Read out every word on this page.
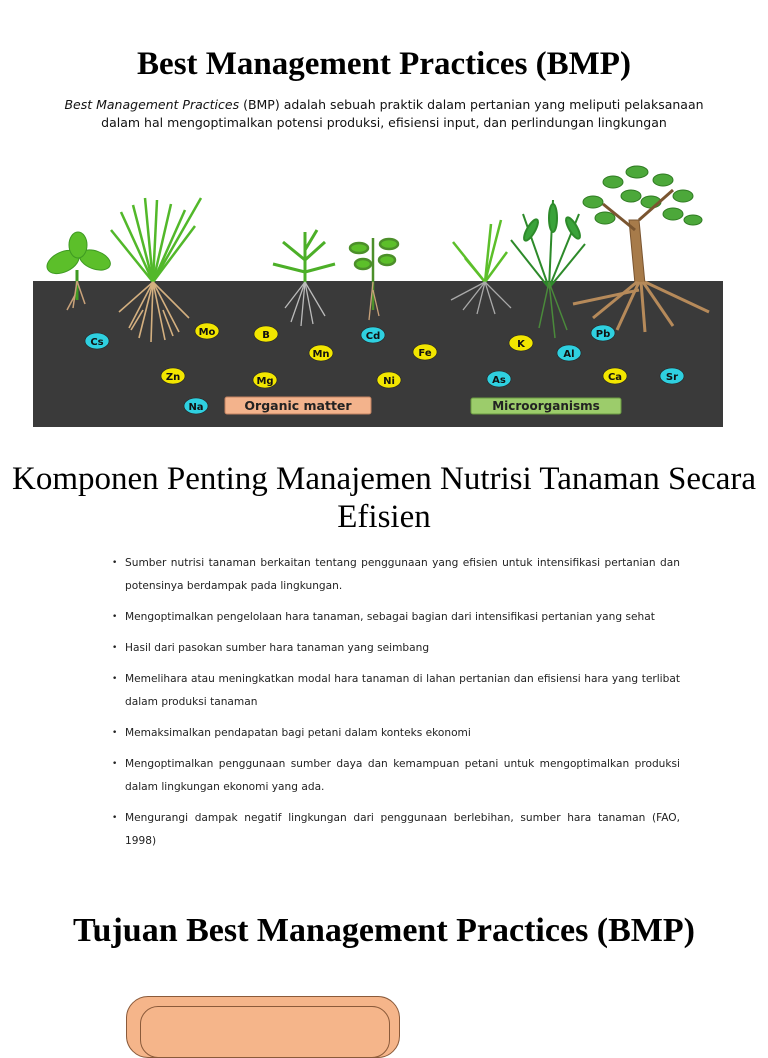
Best Management Practices (BMP)
Best Management Practices (BMP) adalah sebuah praktik dalam pertanian yang meliputi pelaksanaan dalam hal mengoptimalkan potensi produksi, efisiensi input, dan perlindungan lingkungan
Cs
Mo	B	Cd	Pb
Mn	Fe
K
Al
Zn	Mg	Ni	As	Ca	Sr
Na	Organic matter	Microorganisms
Komponen Penting Manajemen Nutrisi Tanaman Secara Efisien
• Sumber nutrisi tanaman berkaitan tentang penggunaan yang efisien untuk intensifikasi pertanian dan potensinya berdampak pada lingkungan.
• Mengoptimalkan pengelolaan hara tanaman, sebagai bagian dari intensifikasi pertanian yang sehat
• Hasil dari pasokan sumber hara tanaman yang seimbang
• Memelihara atau meningkatkan modal hara tanaman di lahan pertanian dan efisiensi hara yang terlibat dalam produksi tanaman
• Memaksimalkan pendapatan bagi petani dalam konteks ekonomi
• Mengoptimalkan penggunaan sumber daya dan kemampuan petani untuk mengoptimalkan produksi dalam lingkungan ekonomi yang ada.
• Mengurangi dampak negatif lingkungan dari penggunaan berlebihan, sumber hara tanaman (FAO, 1998)
Tujuan Best Management Practices (BMP)
